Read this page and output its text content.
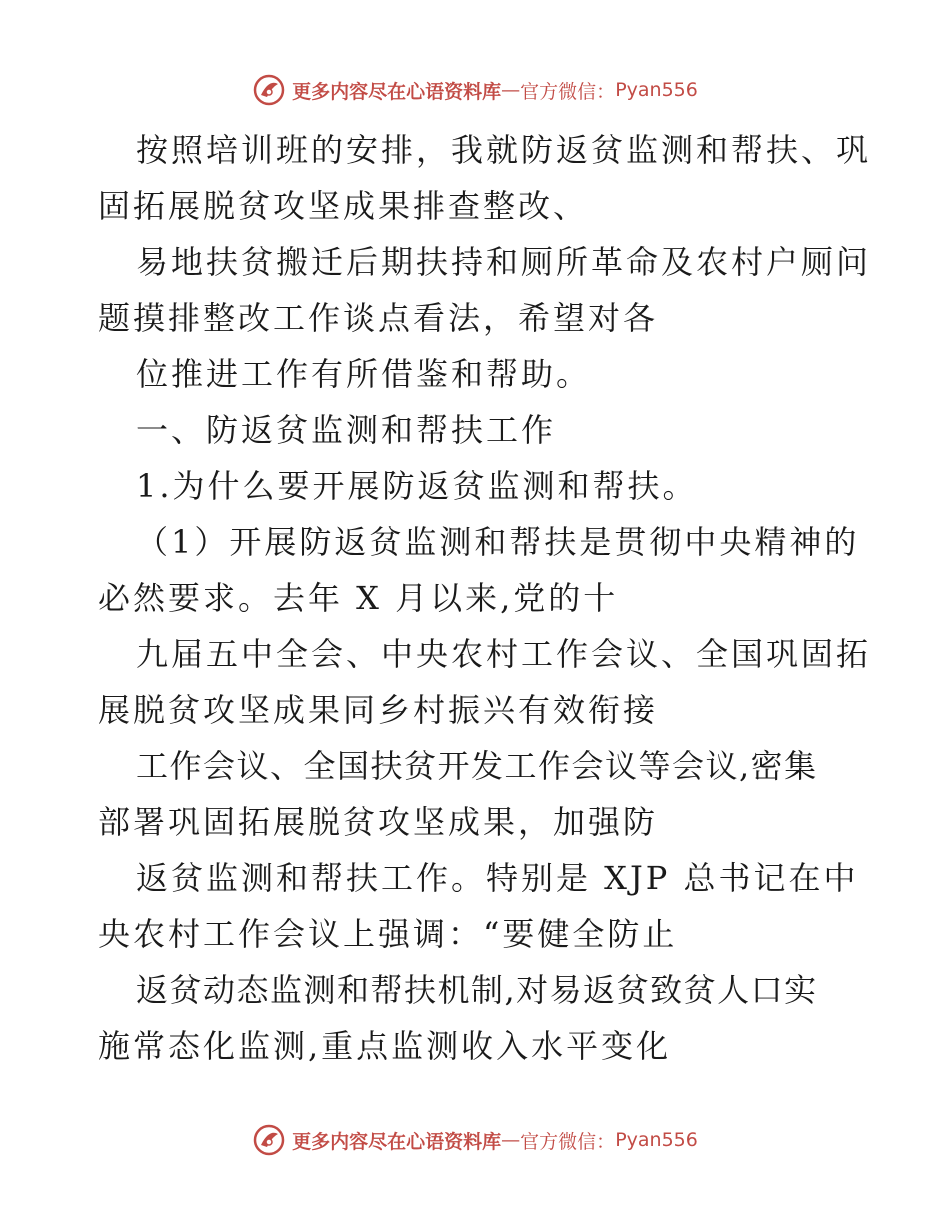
更多内容尽在心语资料库 — 官方微信： Pyan556
按照培训班的安排，我就防返贫监测和帮扶、巩
固拓展脱贫攻坚成果排查整改、
易地扶贫搬迁后期扶持和厕所革命及农村户厕问
题摸排整改工作谈点看法，希望对各
位推进工作有所借鉴和帮助。
一、防返贫监测和帮扶工作
1.为什么要开展防返贫监测和帮扶。
（1）开展防返贫监测和帮扶是贯彻中央精神的
必然要求。去年 X 月以来,党的十
九届五中全会、中央农村工作会议、全国巩固拓
展脱贫攻坚成果同乡村振兴有效衔接
工作会议、全国扶贫开发工作会议等会议,密集
部署巩固拓展脱贫攻坚成果，加强防
返贫监测和帮扶工作。特别是 XJP 总书记在中
央农村工作会议上强调：“要健全防止
返贫动态监测和帮扶机制,对易返贫致贫人口实
施常态化监测,重点监测收入水平变化
更多内容尽在心语资料库 — 官方微信： Pyan556
